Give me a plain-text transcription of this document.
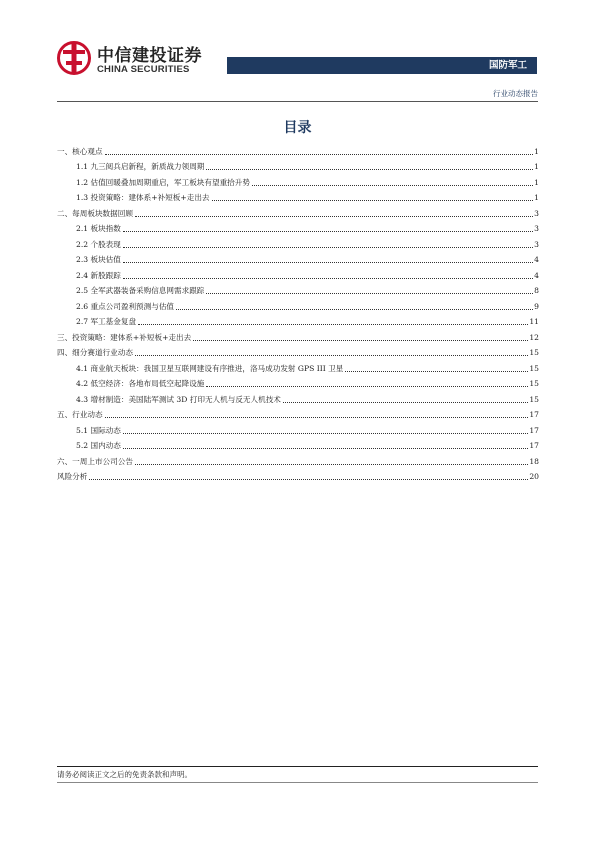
中信建投证券
CHINA SECURITIES	国防军工
行业动态报告
目录
一、核心观点	1
1.1 九三阅兵启新程，新质战力领周期	1
1.2 估值回暖叠加周期重启，军工板块有望重拾升势	1
1.3 投资策略：建体系+补短板+走出去	1
二、每周板块数据回顾	3
2.1 板块指数	3
2.2 个股表现	3
2.3 板块估值	4
2.4 新股跟踪	4
2.5 全军武器装备采购信息网需求跟踪	8
2.6 重点公司盈利预测与估值	9
2.7 军工基金复盘	11
三、投资策略：建体系+补短板+走出去	12
四、细分赛道行业动态	15
4.1 商业航天板块：我国卫星互联网建设有序推进，洛马成功发射 GPS III 卫星	15
4.2 低空经济：各地布局低空起降设施	15
4.3 增材制造：美国陆军测试 3D 打印无人机与反无人机技术	15
五、行业动态	17
5.1 国际动态	17
5.2 国内动态	17
六、一周上市公司公告	18
风险分析	20
请务必阅读正文之后的免责条款和声明。
